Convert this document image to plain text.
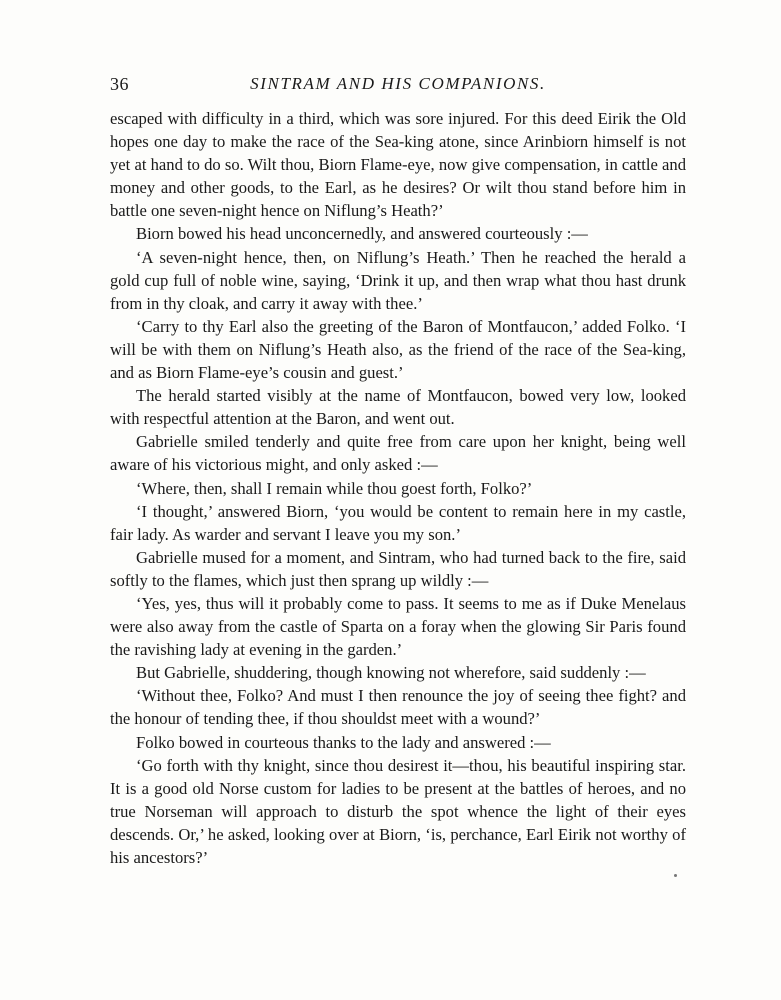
36	SINTRAM AND HIS COMPANIONS.

escaped with difficulty in a third, which was sore injured. For this deed Eirik the Old hopes one day to make the race of the Sea-king atone, since Arinbiorn himself is not yet at hand to do so. Wilt thou, Biorn Flame-eye, now give compensation, in cattle and money and other goods, to the Earl, as he desires? Or wilt thou stand before him in battle one seven-night hence on Niflung’s Heath?’

Biorn bowed his head unconcernedly, and answered courteously :—

‘A seven-night hence, then, on Niflung’s Heath.’ Then he reached the herald a gold cup full of noble wine, saying, ‘Drink it up, and then wrap what thou hast drunk from in thy cloak, and carry it away with thee.’

‘Carry to thy Earl also the greeting of the Baron of Montfaucon,’ added Folko. ‘I will be with them on Niflung’s Heath also, as the friend of the race of the Sea-king, and as Biorn Flame-eye’s cousin and guest.’

The herald started visibly at the name of Montfaucon, bowed very low, looked with respectful attention at the Baron, and went out.

Gabrielle smiled tenderly and quite free from care upon her knight, being well aware of his victorious might, and only asked :—

‘Where, then, shall I remain while thou goest forth, Folko?’

‘I thought,’ answered Biorn, ‘you would be content to remain here in my castle, fair lady. As warder and servant I leave you my son.’

Gabrielle mused for a moment, and Sintram, who had turned back to the fire, said softly to the flames, which just then sprang up wildly :—

‘Yes, yes, thus will it probably come to pass. It seems to me as if Duke Menelaus were also away from the castle of Sparta on a foray when the glowing Sir Paris found the ravishing lady at evening in the garden.’

But Gabrielle, shuddering, though knowing not wherefore, said suddenly :—

‘Without thee, Folko? And must I then renounce the joy of seeing thee fight? and the honour of tending thee, if thou shouldst meet with a wound?’

Folko bowed in courteous thanks to the lady and answered :—

‘Go forth with thy knight, since thou desirest it—thou, his beautiful inspiring star. It is a good old Norse custom for ladies to be present at the battles of heroes, and no true Norseman will approach to disturb the spot whence the light of their eyes descends. Or,’ he asked, looking over at Biorn, ‘is, perchance, Earl Eirik not worthy of his ancestors?’
